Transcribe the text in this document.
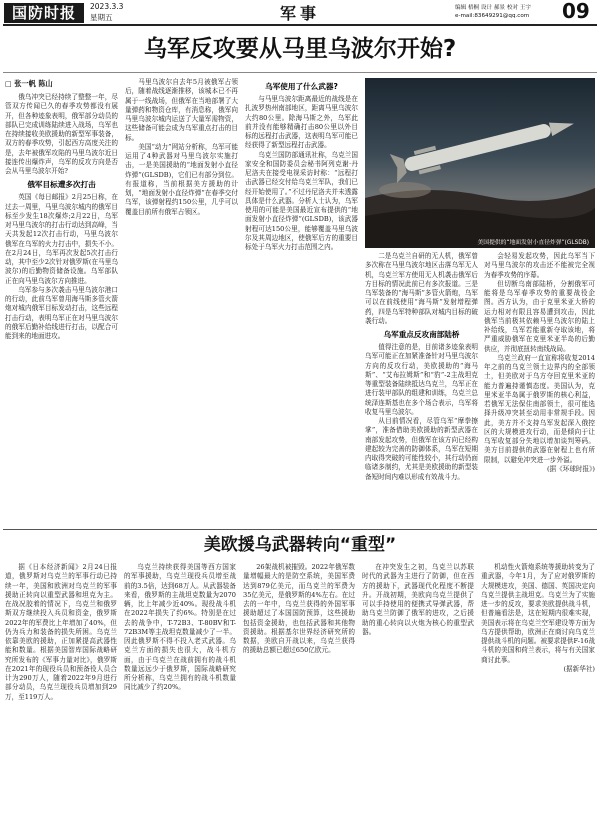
国防时报	2023.3.3
星期五	军事	编辑 梧桐 设计 郝景 校对 王宇
e-mail:83649291@qq.com 09
乌军反攻要从马里乌波尔开始?
□ 张一帆 陈山

俄乌冲突已经持续了整整一年，尽管双方传闻已久的春季攻势都没有展开，但各种迹象表明，俄军部分动员的部队已完成训练陆续进入战场，乌军也在持续接收美欧援助的新型军事装备，双方的春季攻势，引起西方高度关注的是，去年被俄军攻陷的马里乌波尔近日接连传出爆炸声，乌军的反攻方向是否会从马里乌波尔开始?

俄军目标遭多次打击

英国《每日邮报》2月25日称，在过去一周里，马里乌波尔城内的俄军目标至少发生18次爆炸;2月22日，乌军对马里乌波尔的打击行动达到高峰，当天共发起12次打击行动，马里乌波尔俄军在乌军的火力打击中，损失不小。在2月24日，乌军再次发起5次打击行动，其中至少2次针对俄罗斯(在马里乌波尔)的后勤物资储备设施。乌军部队正在向马里乌波尔方向推进。

乌军参与多次袭击马里乌波尔港口的行动，此前乌军曾用海马斯多管火箭炮对城内俄军目标发动打击，这些远程打击行动，表明乌军正在对马里乌波尔的俄军后勤补给线进行打击，以配合可能到来的地面进攻。

马里乌波尔自去年5月被俄军占领后，随着战线逐渐推移，该城本已不再属于一线战场，但俄军在当地部署了大量弹药和物资仓库，有消息称，俄军向马里乌波尔城内运送了大量军需物资，这些储备可能会成为乌军重点打击的目标。

美国“动力”网站分析称，乌军可能运用了4种武器对马里乌波尔实施打击，一是美国援助的“地面发射小直径炸弹”(GLSDB)，它们已有部分到位。有报道称，当前根据美方援助的计划，“地面发射小直径炸弹”在春季交付乌军，该弹射程约150公里，几乎可以覆盖目前所有俄军占领区。

乌军使用了什么武器?

与马里乌波尔距离最近的战线是在扎波罗热州南部地区，距离马里乌波尔大约80公里。除海马斯之外，乌军此前并没有能够精确打击80公里以外目标的远程打击武器，这表明乌军可能已经获得了新型远程打击武器。

乌克兰国防部通讯社称，乌克兰国家安全和国防委员会秘书阿列克谢·丹尼洛夫在接受电视采访时称：“远程打击武器已经交付给乌克兰军队，我们已经开始使用了。”不过丹尼洛夫并未透露具体是什么武器。分析人士认为，乌军使用的可能是美国最近宣布提供的“地面发射小直径炸弹”(GLSDB)，该武器射程可达150公里，能够覆盖马里乌波尔及其周边地区，使俄军后方的重要目标处于乌军火力打击范围之内。	美国提供的“地面发射小直径炸弹”(GLSDB)

二是乌克兰自研的无人机，俄军曾多次称在马里乌波尔地区击落乌军无人机，乌克兰军方使用无人机袭击俄军后方目标的情况此前已有多次报道。三是乌军装备的“海马斯”多管火箭炮，乌军可以在前线使用“海马斯”发射增程弹药，四是乌军特种部队对城内目标的破袭行动。

乌军重点反攻南部陆桥

值得注意的是，目前诸多迹象表明乌军可能正在加紧准备针对马里乌波尔方向的反攻行动，美欧援助的“海马斯”、“艾布拉姆斯”和“豹”-2主战坦克等重型装备陆续抵达乌克兰，乌军正在进行装甲部队的组建和训练，乌克兰总统泽连斯基也在多个场合表示，乌军将收复马里乌波尔。

从目前情况看，尽管乌军“摩拳擦掌”，准备借助美欧援助的新型武器在南部发起攻势，但俄军在该方向已经构建起较为完善的防御体系，乌军在短期内取得突破的可能性较小，其行动仍面临诸多制约，尤其是美欧援助的新型装备短时间内难以形成有效战斗力。

会轻易发起攻势，因此乌军当下对马里乌波尔的攻击还不能被完全视为春季攻势的序幕。

但切断乌南部陆桥，分割俄军可能将是乌军春季攻势的重要战役企图。西方认为，由于克里米亚大桥的运力相对有限且容易遭到攻击，因此俄军当前极其依赖马里乌波尔的陆上补给线，乌军若能重新夺取该地，将严重威胁俄军在克里米亚半岛的后勤供应，并彻底扭转南线战局。

乌克兰政府一直宣称将收复2014年之前的乌克兰领土边界内的全部领土，但美欧对于乌方夺回克里米亚的能力普遍持谨慎态度。美国认为，克里米亚半岛属于俄罗斯的核心利益，若俄军无法保住南部领土，很可能选择升级冲突甚至动用非常规手段。因此，美方并不支持乌军发起深入俄控区的大规模进攻行动，而是倾向于让乌军收复部分失地以增加谈判筹码。美方目前提供的武器在射程上也有所限制，以避免冲突进一步外溢。

(据《环球时报》)
美欧援乌武器转向“重型”

据《日本经济新闻》2月24日报道，俄罗斯对乌克兰的军事行动已持续一年，美国和欧洲对乌克兰的军事援助正转向以重型武器和坦克为主。在战况胶着的情况下，乌克兰和俄罗斯双方继续投入兵员和资金，俄罗斯2022年的军费比上年增加了40%，但仍为兵力和装备的损失所困。乌克兰依靠美欧的援助，正加紧提高武器性能和数量。根据美国智库国际战略研究所发布的《军事力量对比》，俄罗斯在2021年的现役兵员和预备役人员合计为290万人，随着2022年9月进行部分动员，乌克兰现役兵员增加到29万，至119万人。

乌克兰持续获得美国等西方国家的军事援助，乌克兰现役兵员增至战前的3.5倍，达到68万人。从武器装备来看，俄罗斯的主战坦克数量为2070辆，比上年减少近40%。现役战斗机在2022年损失了约6%。特别是在过去的战争中，T-72B3、T-80BV和T-72B3M等主战坦克数量减少了一半。因此俄罗斯不得不投入老式武器。乌克兰方面的损失也很大，战斗机方面，由于乌克兰在战前拥有的战斗机数量远远少于俄罗斯，国际战略研究所分析称，乌克兰拥有的战斗机数量同比减少了约20%。

26架战机被摧毁。2022年俄军数量增幅最大的是防空系统，美国军费达到879亿美元，而乌克兰的军费为35亿美元，是俄罗斯的4%左右。在过去的一年中，乌克兰获得的外国军事援助超过了本国国防预算，这些援助包括资金援助，也包括武器和其他物资援助。根据基尔世界经济研究所的数据，美欧自开战以来，乌克兰获得的援助总额已超过650亿欧元。

在冲突发生之初，乌克兰以苏联时代的武器为主进行了防御，但在西方的援助下，武器现代化程度不断提升。开战初期，美欧向乌克兰提供了可以手持使用的便携式导弹武器，帮助乌克兰防御了俄军的进攻，之后援助的重心转向以火炮为核心的重型武器。

机动性火箭炮系统等援助转变为了重武器，今年1月，为了应对俄罗斯的大规模进攻，美国、德国、英国决定向乌克兰提供主战坦克。乌克兰为了实施进一步的反攻，要求美欧提供战斗机，但普遍看法是，这在短期内很难实现，美国表示将在乌克兰空军建设等方面为乌方提供帮助，欧洲正在商讨向乌克兰提供战斗机的问题。被要求提供F-16战斗机的美国和荷兰表示，将与有关国家商讨此事。

(据新华社)
